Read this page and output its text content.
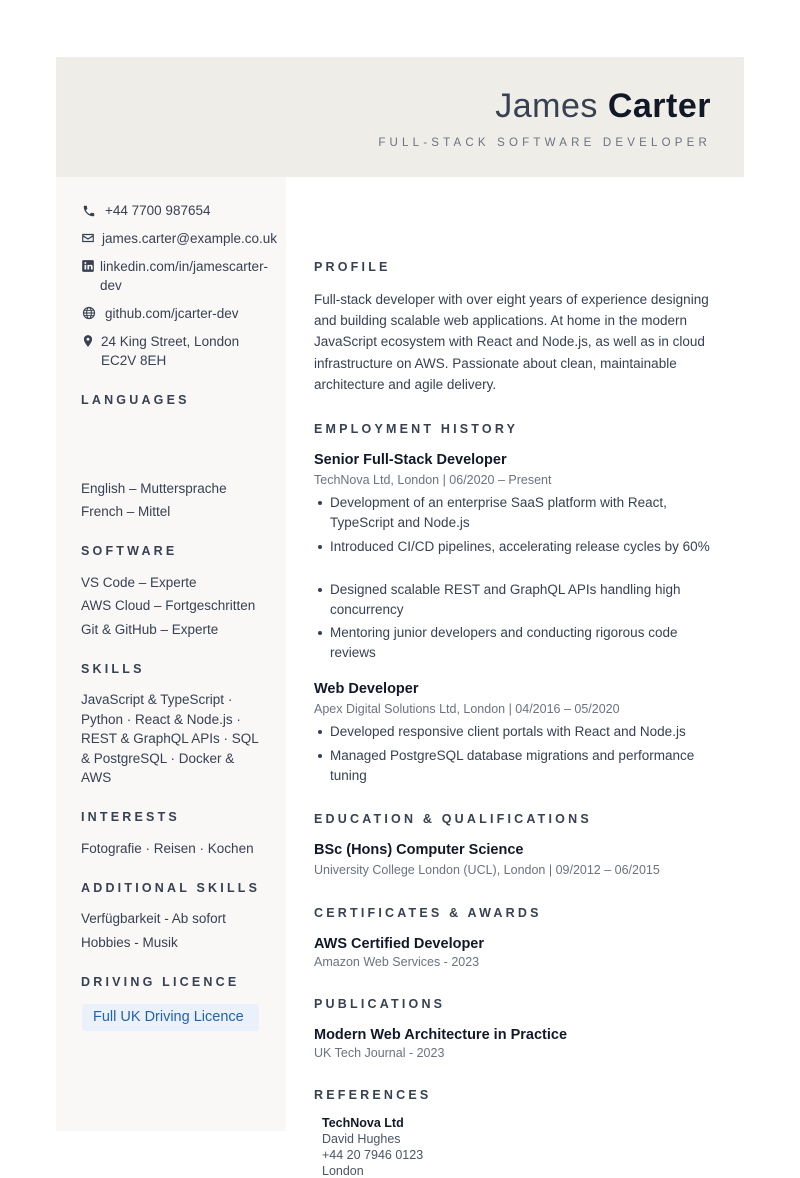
James Carter
FULL-STACK SOFTWARE DEVELOPER
+44 7700 987654
james.carter@example.co.uk
linkedin.com/in/jamescarter-
dev
github.com/jcarter-dev
24 King Street, London
EC2V 8EH
LANGUAGES
English – Muttersprache
French – Mittel
SOFTWARE
VS Code – Experte
AWS Cloud – Fortgeschritten
Git & GitHub – Experte
SKILLS
JavaScript & TypeScript · Python · React & Node.js · REST & GraphQL APIs · SQL & PostgreSQL · Docker & AWS
INTERESTS
Fotografie · Reisen · Kochen
ADDITIONAL SKILLS
Verfügbarkeit - Ab sofort
Hobbies - Musik
DRIVING LICENCE
Full UK Driving Licence
PROFILE
Full-stack developer with over eight years of experience designing and building scalable web applications. At home in the modern JavaScript ecosystem with React and Node.js, as well as in cloud infrastructure on AWS. Passionate about clean, maintainable architecture and agile delivery.
EMPLOYMENT HISTORY
Senior Full-Stack Developer
TechNova Ltd, London | 06/2020 – Present
Development of an enterprise SaaS platform with React, TypeScript and Node.js
Introduced CI/CD pipelines, accelerating release cycles by 60%
Designed scalable REST and GraphQL APIs handling high concurrency
Mentoring junior developers and conducting rigorous code reviews
Web Developer
Apex Digital Solutions Ltd, London | 04/2016 – 05/2020
Developed responsive client portals with React and Node.js
Managed PostgreSQL database migrations and performance tuning
EDUCATION & QUALIFICATIONS
BSc (Hons) Computer Science
University College London (UCL), London | 09/2012 – 06/2015
CERTIFICATES & AWARDS
AWS Certified Developer
Amazon Web Services - 2023
PUBLICATIONS
Modern Web Architecture in Practice
UK Tech Journal - 2023
REFERENCES
TechNova Ltd
David Hughes
+44 20 7946 0123
London
